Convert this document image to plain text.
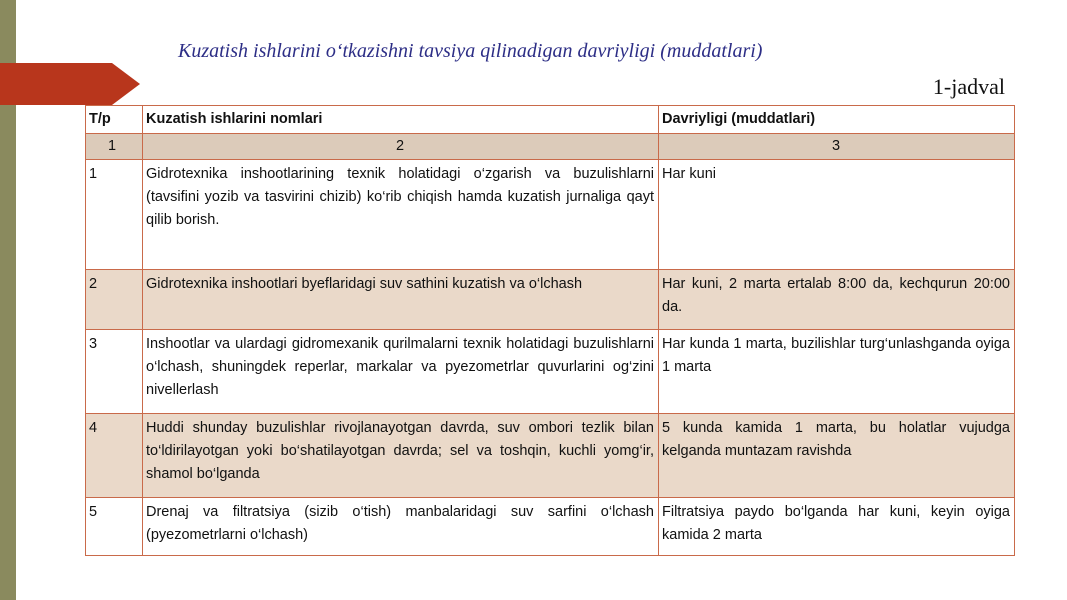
Kuzatish ishlarini o‘tkazishni tavsiya qilinadigan davriyligi (muddatlari)
1-jadval
T/p	Kuzatish ishlarini nomlari	Davriyligi (muddatlari)
1	2	3
1	Gidrotexnika inshootlarining texnik holatidagi o‘zgarish va buzulishlarni (tavsifini yozib va tasvirini chizib) ko‘rib chiqish hamda kuzatish jurnaliga qayt qilib borish.	Har kuni
2	Gidrotexnika inshootlari byeflaridagi suv sathini kuzatish va o‘lchash	Har kuni, 2 marta ertalab 8:00 da, kechqurun 20:00 da.
3	Inshootlar va ulardagi gidromexanik qurilmalarni texnik holatidagi buzulishlarni o‘lchash, shuningdek reperlar, markalar va pyezometrlar quvurlarini og‘zini nivellerlash	Har kunda 1 marta, buzilishlar turg‘unlashganda oyiga 1 marta
4	Huddi shunday buzulishlar rivojlanayotgan davrda, suv ombori tezlik bilan to‘ldirilayotgan yoki bo‘shatilayotgan davrda; sel va toshqin, kuchli yomg‘ir, shamol bo‘lganda	5 kunda kamida 1 marta, bu holatlar vujudga kelganda muntazam ravishda
5	Drenaj va filtratsiya (sizib o‘tish) manbalaridagi suv sarfini o‘lchash (pyezometrlarni o‘lchash)	Filtratsiya paydo bo‘lganda har kuni, keyin oyiga kamida 2 marta
